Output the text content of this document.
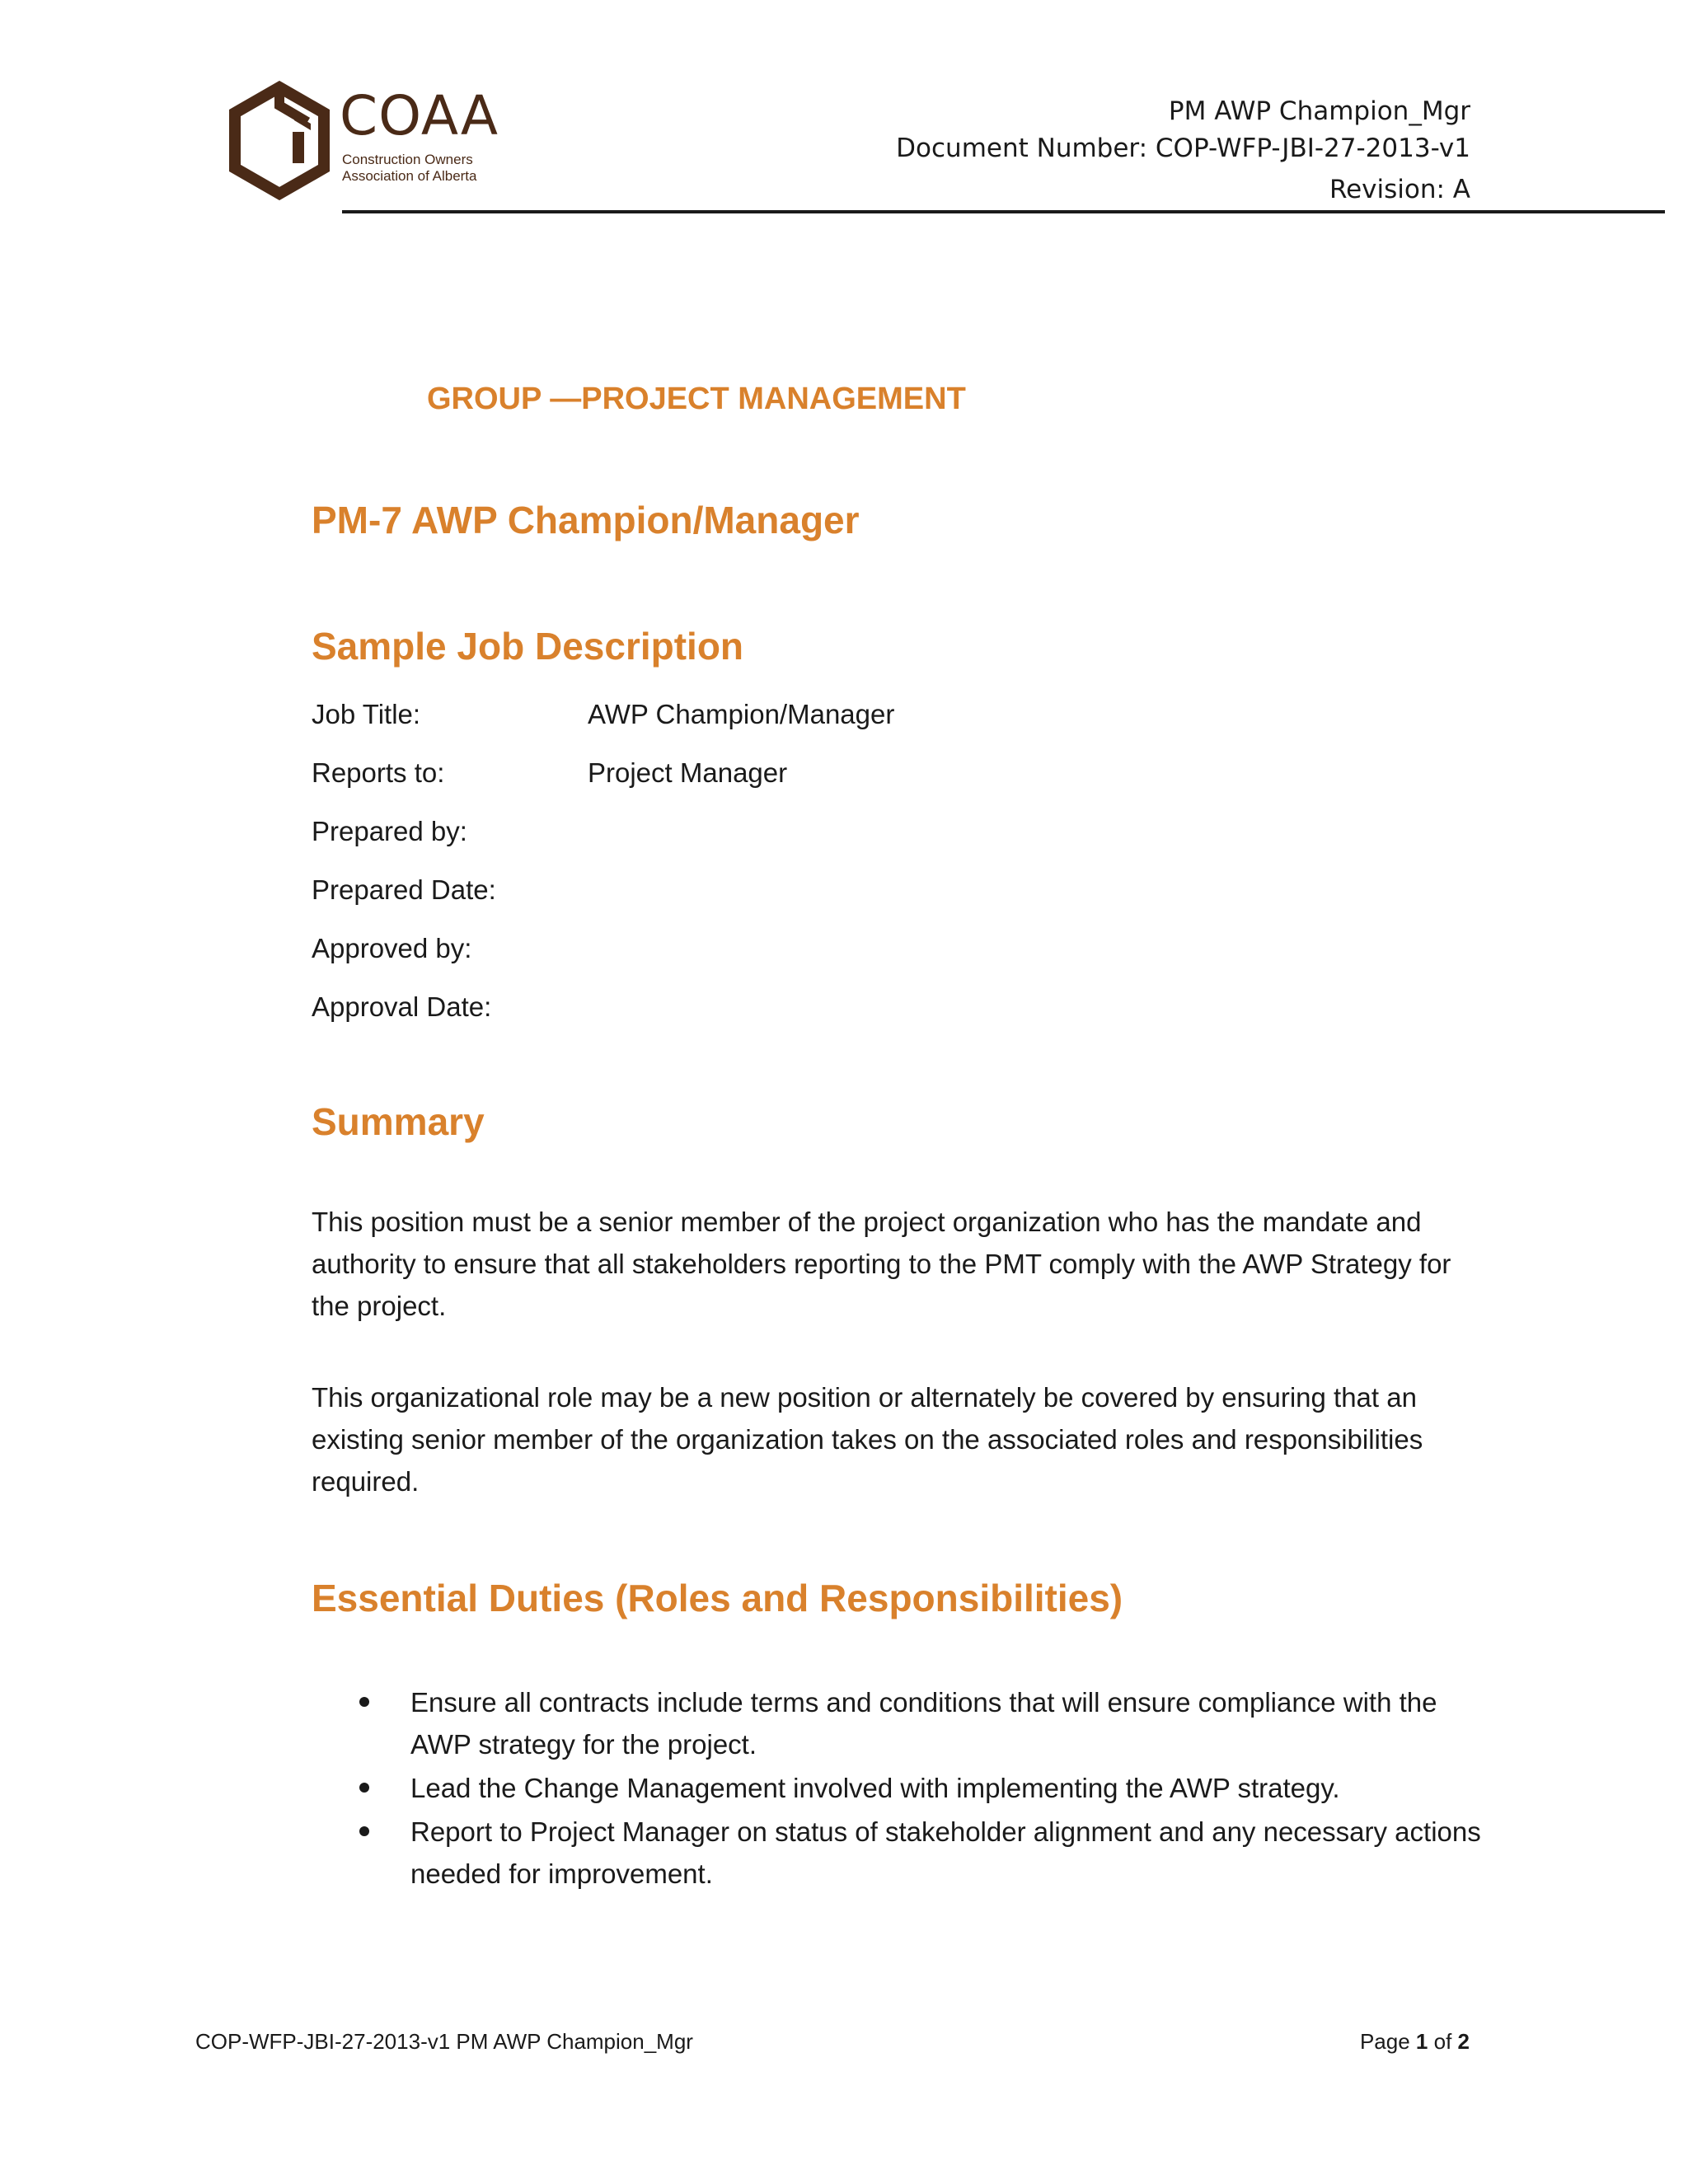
COAA
Construction Owners
Association of Alberta
PM AWP Champion_Mgr
Document Number: COP-WFP-JBI-27-2013-v1
Revision: A
GROUP —PROJECT MANAGEMENT
PM-7 AWP Champion/Manager
Sample Job Description
Job Title:	AWP Champion/Manager
Reports to:	Project Manager
Prepared by:
Prepared Date:
Approved by:
Approval Date:
Summary

This position must be a senior member of the project organization who has the mandate and authority to ensure that all stakeholders reporting to the PMT comply with the AWP Strategy for the project.

This organizational role may be a new position or alternately be covered by ensuring that an existing senior member of the organization takes on the associated roles and responsibilities required.

Essential Duties (Roles and Responsibilities)
Ensure all contracts include terms and conditions that will ensure compliance with the AWP strategy for the project.
Lead the Change Management involved with implementing the AWP strategy.
Report to Project Manager on status of stakeholder alignment and any necessary actions needed for improvement.
COP-WFP-JBI-27-2013-v1 PM AWP Champion_Mgr	Page 1 of 2
